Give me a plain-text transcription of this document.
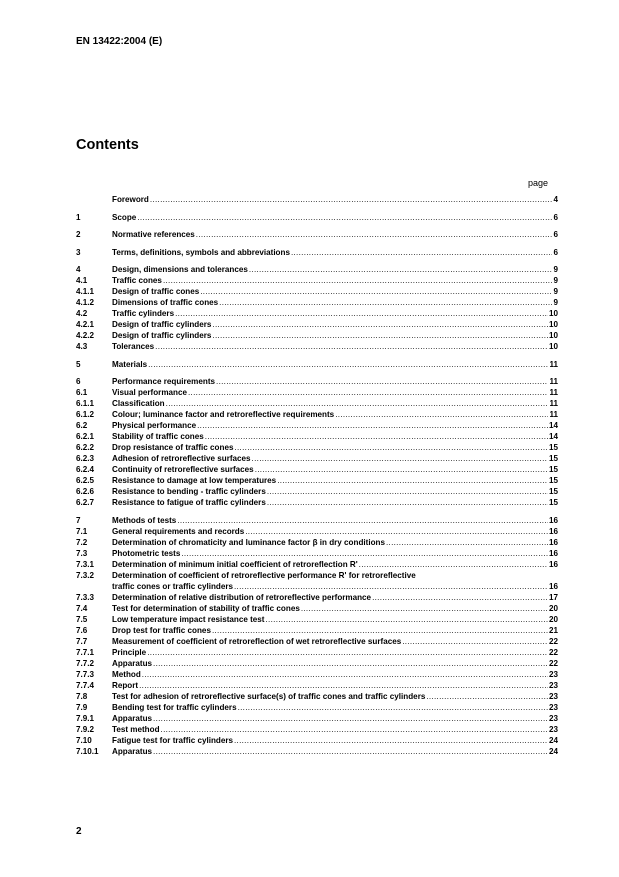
EN 13422:2004 (E)
Contents
page
Foreword .....	4
1	Scope .....	6
2	Normative references .....	6
3	Terms, definitions, symbols and abbreviations .....	6
4	Design, dimensions and tolerances .....	9
4.1	Traffic cones .....	9
4.1.1	Design of traffic cones .....	9
4.1.2	Dimensions of traffic cones .....	9
4.2	Traffic cylinders .....	10
4.2.1	Design of traffic cylinders .....	10
4.2.2	Design of traffic cylinders .....	10
4.3	Tolerances .....	10
5	Materials .....	11
6	Performance requirements .....	11
6.1	Visual performance .....	11
6.1.1	Classification .....	11
6.1.2	Colour; luminance factor and retroreflective requirements .....	11
6.2	Physical performance .....	14
6.2.1	Stability of traffic cones .....	14
6.2.2	Drop resistance of traffic cones .....	15
6.2.3	Adhesion of retroreflective surfaces .....	15
6.2.4	Continuity of retroreflective surfaces .....	15
6.2.5	Resistance to damage at low temperatures .....	15
6.2.6	Resistance to bending - traffic cylinders .....	15
6.2.7	Resistance to fatigue of traffic cylinders .....	15
7	Methods of tests .....	16
7.1	General requirements and records .....	16
7.2	Determination of chromaticity and luminance factor β in dry conditions .....	16
7.3	Photometric tests .....	16
7.3.1	Determination of minimum initial coefficient of retroreflection R' .....	16
7.3.2	Determination of coefficient of retroreflective performance R' for retroreflective
traffic cones or traffic cylinders .....	16
7.3.3	Determination of relative distribution of retroreflective performance .....	17
7.4	Test for determination of stability of traffic cones .....	20
7.5	Low temperature impact resistance test .....	20
7.6	Drop test for traffic cones .....	21
7.7	Measurement of coefficient of retroreflection of wet retroreflective surfaces .....	22
7.7.1	Principle .....	22
7.7.2	Apparatus .....	22
7.7.3	Method .....	23
7.7.4	Report .....	23
7.8	Test for adhesion of retroreflective surface(s) of traffic cones and traffic cylinders .....	23
7.9	Bending test for traffic cylinders .....	23
7.9.1	Apparatus .....	23
7.9.2	Test method .....	23
7.10	Fatigue test for traffic cylinders .....	24
7.10.1	Apparatus .....	24
2
